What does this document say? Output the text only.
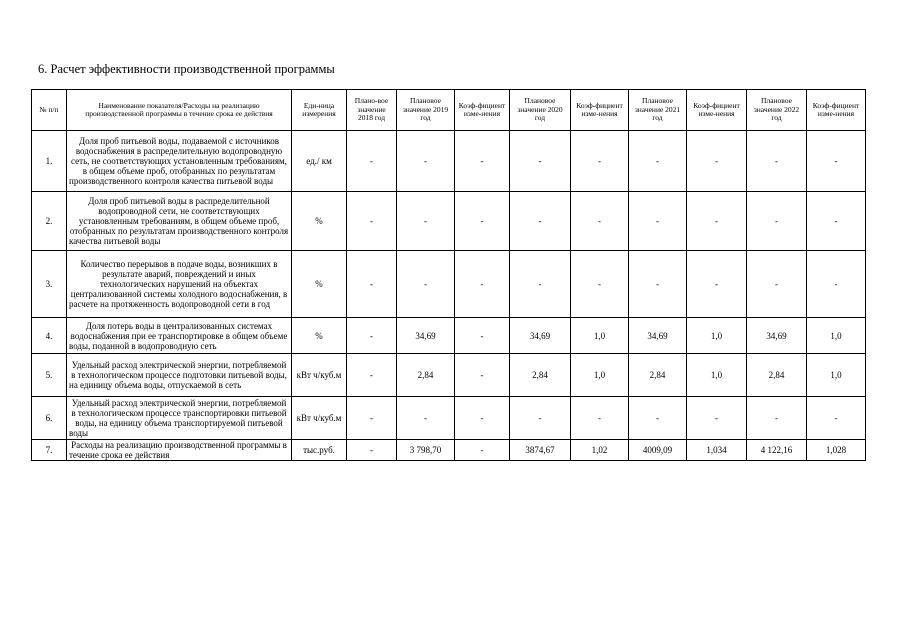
6. Расчет эффективности производственной программы
№ п/п	Наименование показателя/Расходы на реализацию производственной программы в течение срока ее действия	Еди-ница измерения	Плано-вое значение 2018 год	Плановое значение 2019 год	Коэф-фициент изме-нения	Плановое значение 2020 год	Коэф-фициент изме-нения	Плановое значение 2021 год	Коэф-фициент изме-нения	Плановое значение 2022 год	Коэф-фициент изме-нения
1.	Доля проб питьевой воды, подаваемой с источников водоснабжения в распределительную водопроводную сеть, не соответствующих установленным требованиям, в общем объеме проб, отобранных по результатам производственного контроля качества питьевой воды	ед./ км	-	-	-	-	-	-	-	-	-
2.	Доля проб питьевой воды в распределительной водопроводной сети, не соответствующих установленным требованиям, в общем объеме проб, отобранных по результатам производственного контроля качества питьевой воды	%	-	-	-	-	-	-	-	-	-
3.	Количество перерывов в подаче воды, возникших в результате аварий, повреждений и иных технологических нарушений на объектах централизованной системы холодного водоснабжения, в расчете на протяженность водопроводной сети в год	%	-	-	-	-	-	-	-	-	-
4.	Доля потерь воды в централизованных системах водоснабжения при ее транспортировке в общем объеме воды, поданной в водопроводную сеть	%	-	34,69	-	34,69	1,0	34,69	1,0	34,69	1,0
5.	Удельный расход электрической энергии, потребляемой в технологическом процессе подготовки питьевой воды, на единицу объема воды, отпускаемой в сеть	кВт ч/куб.м	-	2,84	-	2,84	1,0	2,84	1,0	2,84	1,0
6.	Удельный расход электрической энергии, потребляемой в технологическом процессе транспортировки питьевой воды, на единицу объема транспортируемой питьевой воды	кВт ч/куб.м	-	-	-	-	-	-	-	-	-
7.	Расходы на реализацию производственной программы в течение срока ее действия	тыс.руб.	-	3 798,70	-	3874,67	1,02	4009,09	1,034	4 122,16	1,028
